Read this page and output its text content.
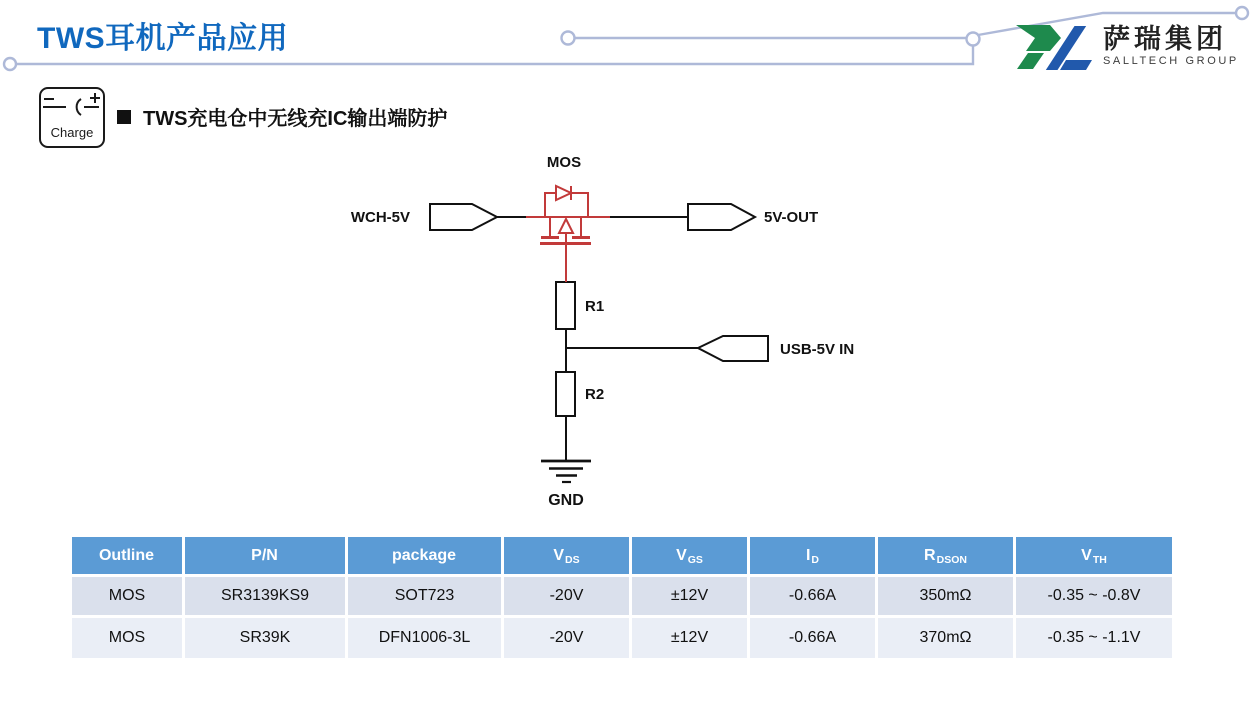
TWS耳机产品应用
MOS
WCH-5V	5V-OUT
R1
R2
USB-5V IN
GND
萨瑞集团
SALLTECH GROUP
Charge
TWS充电仓中无线充IC输出端防护
Outline	P/N	package	V DS	V GS	I D	R DSON	V TH
MOS	SR3139KS9	SOT723	-20V	±12V	-0.66A	350mΩ	-0.35 ~ -0.8V
MOS	SR39K	DFN1006-3L	-20V	±12V	-0.66A	370mΩ	-0.35 ~ -1.1V
